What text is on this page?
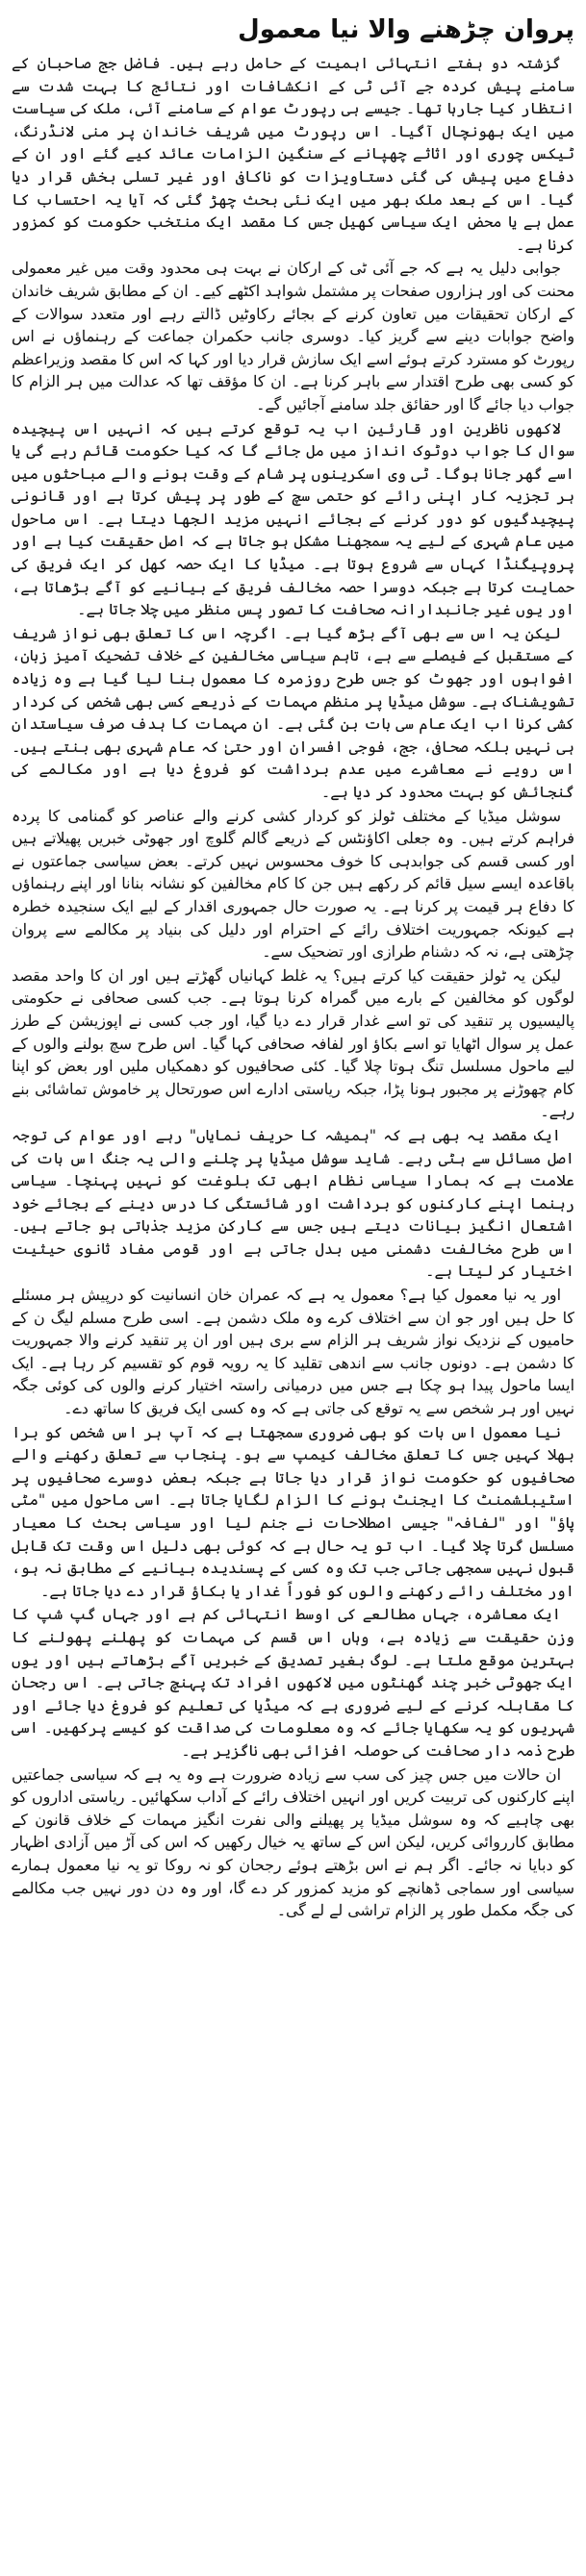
پروان چڑھنے والا نیا معمول

گزشتہ دو ہفتے انتہائی اہمیت کے حامل رہے ہیں۔ فاضل جج صاحبان کے سامنے پیش کردہ جے آئی ٹی کے انکشافات اور نتائج کا بہت شدت سے انتظار کیا جارہا تھا۔ جیسے ہی رپورٹ عوام کے سامنے آئی، ملک کی سیاست میں ایک بھونچال آگیا۔ اس رپورٹ میں شریف خاندان پر منی لانڈرنگ، ٹیکس چوری اور اثاثے چھپانے کے سنگین الزامات عائد کیے گئے اور ان کے دفاع میں پیش کی گئی دستاویزات کو ناکافی اور غیر تسلی بخش قرار دیا گیا۔ اس کے بعد ملک بھر میں ایک نئی بحث چھڑ گئی کہ آیا یہ احتساب کا عمل ہے یا محض ایک سیاسی کھیل جس کا مقصد ایک منتخب حکومت کو کمزور کرنا ہے۔

جوابی دلیل یہ ہے کہ جے آئی ٹی کے ارکان نے بہت ہی محدود وقت میں غیر معمولی محنت کی اور ہزاروں صفحات پر مشتمل شواہد اکٹھے کیے۔ ان کے مطابق شریف خاندان کے ارکان تحقیقات میں تعاون کرنے کے بجائے رکاوٹیں ڈالتے رہے اور متعدد سوالات کے واضح جوابات دینے سے گریز کیا۔ دوسری جانب حکمران جماعت کے رہنماؤں نے اس رپورٹ کو مسترد کرتے ہوئے اسے ایک سازش قرار دیا اور کہا کہ اس کا مقصد وزیراعظم کو کسی بھی طرح اقتدار سے باہر کرنا ہے۔ ان کا مؤقف تھا کہ عدالت میں ہر الزام کا جواب دیا جائے گا اور حقائق جلد سامنے آجائیں گے۔

لاکھوں ناظرین اور قارئین اب یہ توقع کرتے ہیں کہ انہیں اس پیچیدہ سوال کا جواب دوٹوک انداز میں مل جائے گا کہ کیا حکومت قائم رہے گی یا اسے گھر جانا ہوگا۔ ٹی وی اسکرینوں پر شام کے وقت ہونے والے مباحثوں میں ہر تجزیہ کار اپنی رائے کو حتمی سچ کے طور پر پیش کرتا ہے اور قانونی پیچیدگیوں کو دور کرنے کے بجائے انہیں مزید الجھا دیتا ہے۔ اس ماحول میں عام شہری کے لیے یہ سمجھنا مشکل ہو جاتا ہے کہ اصل حقیقت کیا ہے اور پروپیگنڈا کہاں سے شروع ہوتا ہے۔ میڈیا کا ایک حصہ کھل کر ایک فریق کی حمایت کرتا ہے جبکہ دوسرا حصہ مخالف فریق کے بیانیے کو آگے بڑھاتا ہے، اور یوں غیر جانبدارانہ صحافت کا تصور پس منظر میں چلا جاتا ہے۔

لیکن یہ اس سے بھی آگے بڑھ گیا ہے۔ اگرچہ اس کا تعلق بھی نواز شریف کے مستقبل کے فیصلے سے ہے، تاہم سیاسی مخالفین کے خلاف تضحیک آمیز زبان، افواہوں اور جھوٹ کو جس طرح روزمرہ کا معمول بنا لیا گیا ہے وہ زیادہ تشویشناک ہے۔ سوشل میڈیا پر منظم مہمات کے ذریعے کسی بھی شخص کی کردار کشی کرنا اب ایک عام سی بات بن گئی ہے۔ ان مہمات کا ہدف صرف سیاستدان ہی نہیں بلکہ صحافی، جج، فوجی افسران اور حتیٰ کہ عام شہری بھی بنتے ہیں۔ اس رویے نے معاشرے میں عدم برداشت کو فروغ دیا ہے اور مکالمے کی گنجائش کو بہت محدود کر دیا ہے۔

سوشل میڈیا کے مختلف ٹولز کو کردار کشی کرنے والے عناصر کو گمنامی کا پردہ فراہم کرتے ہیں۔ وہ جعلی اکاؤنٹس کے ذریعے گالم گلوچ اور جھوٹی خبریں پھیلاتے ہیں اور کسی قسم کی جوابدہی کا خوف محسوس نہیں کرتے۔ بعض سیاسی جماعتوں نے باقاعدہ ایسے سیل قائم کر رکھے ہیں جن کا کام مخالفین کو نشانہ بنانا اور اپنے رہنماؤں کا دفاع ہر قیمت پر کرنا ہے۔ یہ صورت حال جمہوری اقدار کے لیے ایک سنجیدہ خطرہ ہے کیونکہ جمہوریت اختلاف رائے کے احترام اور دلیل کی بنیاد پر مکالمے سے پروان چڑھتی ہے، نہ کہ دشنام طرازی اور تضحیک سے۔

لیکن یہ ٹولز حقیقت کیا کرتے ہیں؟ یہ غلط کہانیاں گھڑتے ہیں اور ان کا واحد مقصد لوگوں کو مخالفین کے بارے میں گمراہ کرنا ہوتا ہے۔ جب کسی صحافی نے حکومتی پالیسیوں پر تنقید کی تو اسے غدار قرار دے دیا گیا، اور جب کسی نے اپوزیشن کے طرز عمل پر سوال اٹھایا تو اسے بکاؤ اور لفافہ صحافی کہا گیا۔ اس طرح سچ بولنے والوں کے لیے ماحول مسلسل تنگ ہوتا چلا گیا۔ کئی صحافیوں کو دھمکیاں ملیں اور بعض کو اپنا کام چھوڑنے پر مجبور ہونا پڑا، جبکہ ریاستی ادارے اس صورتحال پر خاموش تماشائی بنے رہے۔

ایک مقصد یہ بھی ہے کہ "ہمیشہ کا حریف نمایاں" رہے اور عوام کی توجہ اصل مسائل سے ہٹی رہے۔ شاید سوشل میڈیا پر چلنے والی یہ جنگ اس بات کی علامت ہے کہ ہمارا سیاسی نظام ابھی تک بلوغت کو نہیں پہنچا۔ سیاسی رہنما اپنے کارکنوں کو برداشت اور شائستگی کا درس دینے کے بجائے خود اشتعال انگیز بیانات دیتے ہیں جس سے کارکن مزید جذباتی ہو جاتے ہیں۔ اس طرح مخالفت دشمنی میں بدل جاتی ہے اور قومی مفاد ثانوی حیثیت اختیار کر لیتا ہے۔

اور یہ نیا معمول کیا ہے؟ معمول یہ ہے کہ عمران خان انسانیت کو درپیش ہر مسئلے کا حل ہیں اور جو ان سے اختلاف کرے وہ ملک دشمن ہے۔ اسی طرح مسلم لیگ ن کے حامیوں کے نزدیک نواز شریف ہر الزام سے بری ہیں اور ان پر تنقید کرنے والا جمہوریت کا دشمن ہے۔ دونوں جانب سے اندھی تقلید کا یہ رویہ قوم کو تقسیم کر رہا ہے۔ ایک ایسا ماحول پیدا ہو چکا ہے جس میں درمیانی راستہ اختیار کرنے والوں کی کوئی جگہ نہیں اور ہر شخص سے یہ توقع کی جاتی ہے کہ وہ کسی ایک فریق کا ساتھ دے۔

نیا معمول اس بات کو بھی ضروری سمجھتا ہے کہ آپ ہر اس شخص کو برا بھلا کہیں جس کا تعلق مخالف کیمپ سے ہو۔ پنجاب سے تعلق رکھنے والے صحافیوں کو حکومت نواز قرار دیا جاتا ہے جبکہ بعض دوسرے صحافیوں پر اسٹیبلشمنٹ کا ایجنٹ ہونے کا الزام لگایا جاتا ہے۔ اسی ماحول میں "مٹی پاؤ" اور "لفافہ" جیسی اصطلاحات نے جنم لیا اور سیاسی بحث کا معیار مسلسل گرتا چلا گیا۔ اب تو یہ حال ہے کہ کوئی بھی دلیل اس وقت تک قابل قبول نہیں سمجھی جاتی جب تک وہ کسی کے پسندیدہ بیانیے کے مطابق نہ ہو، اور مختلف رائے رکھنے والوں کو فوراً غدار یا بکاؤ قرار دے دیا جاتا ہے۔

ایک معاشرہ، جہاں مطالعے کی اوسط انتہائی کم ہے اور جہاں گپ شپ کا وزن حقیقت سے زیادہ ہے، وہاں اس قسم کی مہمات کو پھلنے پھولنے کا بہترین موقع ملتا ہے۔ لوگ بغیر تصدیق کے خبریں آگے بڑھاتے ہیں اور یوں ایک جھوٹی خبر چند گھنٹوں میں لاکھوں افراد تک پہنچ جاتی ہے۔ اس رجحان کا مقابلہ کرنے کے لیے ضروری ہے کہ میڈیا کی تعلیم کو فروغ دیا جائے اور شہریوں کو یہ سکھایا جائے کہ وہ معلومات کی صداقت کو کیسے پرکھیں۔ اسی طرح ذمہ دار صحافت کی حوصلہ افزائی بھی ناگزیر ہے۔

ان حالات میں جس چیز کی سب سے زیادہ ضرورت ہے وہ یہ ہے کہ سیاسی جماعتیں اپنے کارکنوں کی تربیت کریں اور انہیں اختلاف رائے کے آداب سکھائیں۔ ریاستی اداروں کو بھی چاہیے کہ وہ سوشل میڈیا پر پھیلنے والی نفرت انگیز مہمات کے خلاف قانون کے مطابق کارروائی کریں، لیکن اس کے ساتھ یہ خیال رکھیں کہ اس کی آڑ میں آزادی اظہار کو دبایا نہ جائے۔ اگر ہم نے اس بڑھتے ہوئے رجحان کو نہ روکا تو یہ نیا معمول ہمارے سیاسی اور سماجی ڈھانچے کو مزید کمزور کر دے گا، اور وہ دن دور نہیں جب مکالمے کی جگہ مکمل طور پر الزام تراشی لے لے گی۔
